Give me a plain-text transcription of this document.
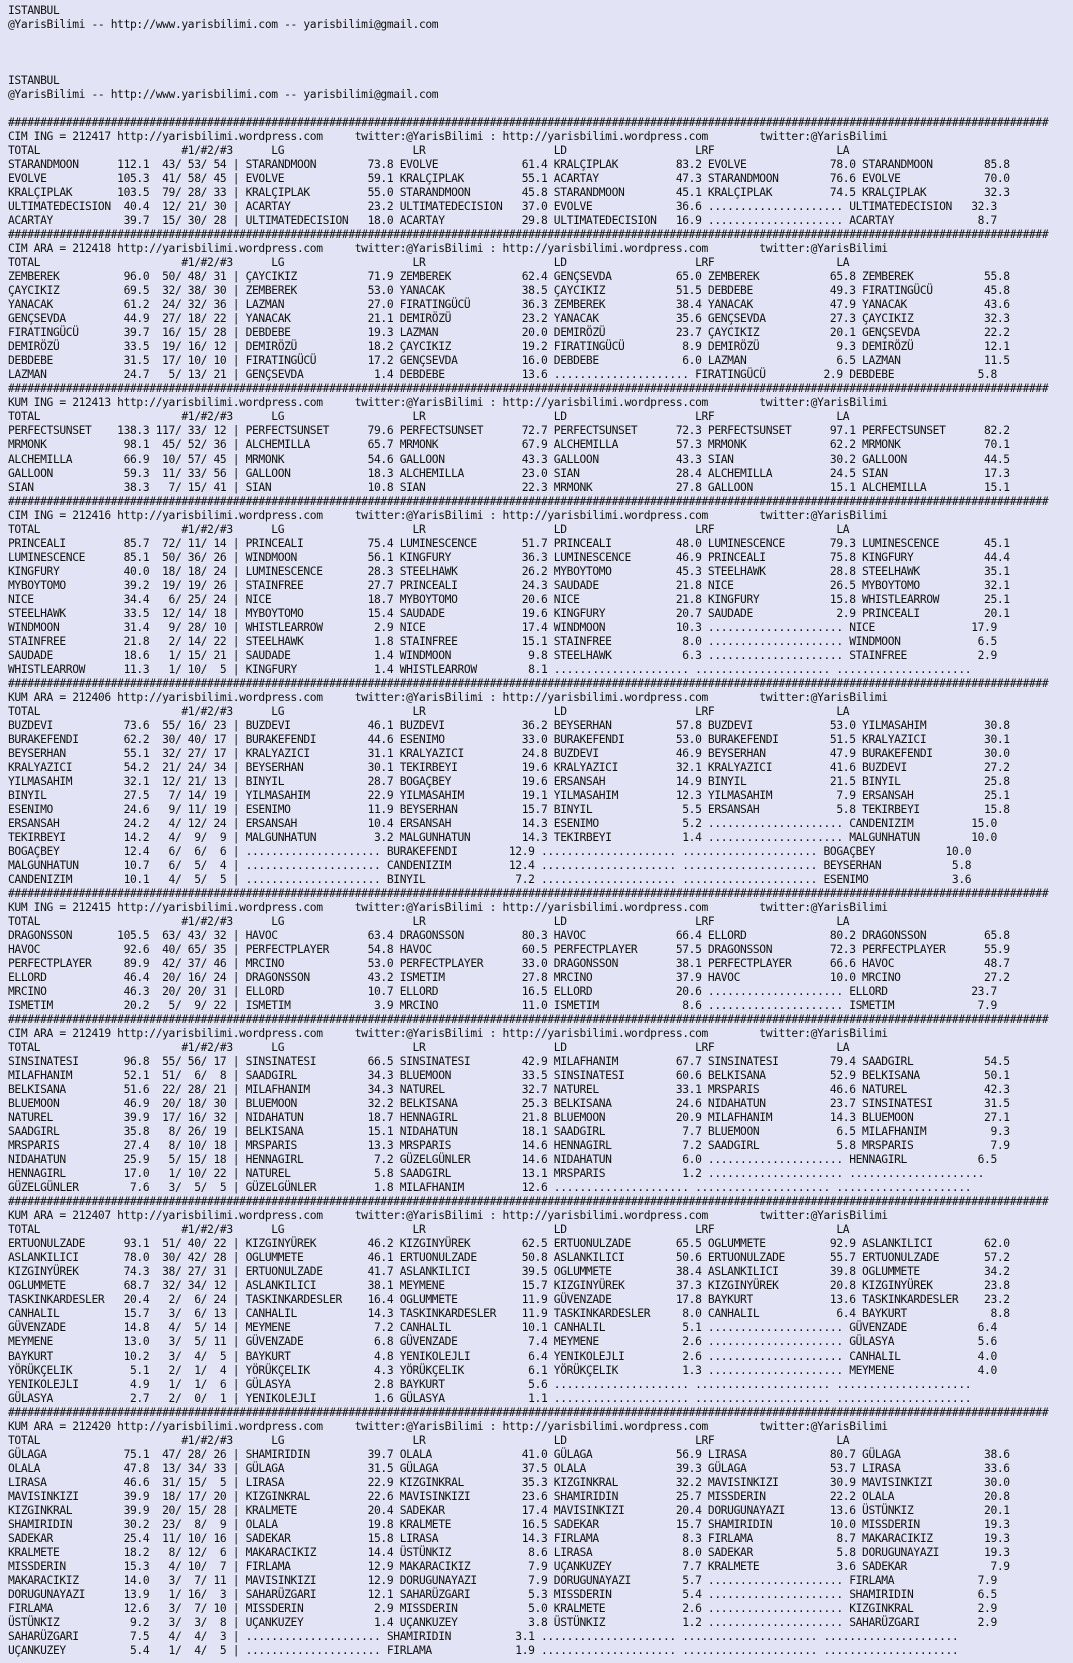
ISTANBUL
@YarisBilimi -- http://www.yarisbilimi.com -- yarisbilimi@gmail.com
ISTANBUL
@YarisBilimi -- http://www.yarisbilimi.com -- yarisbilimi@gmail.com
##################################################################################################################################################################
CIM ING = 212417 http://yarisbilimi.wordpress.com     twitter:@YarisBilimi : http://yarisbilimi.wordpress.com        twitter:@YarisBilimi
TOTAL                      #1/#2/#3      LG                    LR                    LD                    LRF                   LA
STARANDMOON      112.1  43/ 53/ 54 | STARANDMOON        73.8 EVOLVE             61.4 KRALÇIPLAK         83.2 EVOLVE             78.0 STARANDMOON        85.8
EVOLVE           105.3  41/ 58/ 45 | EVOLVE             59.1 KRALÇIPLAK         55.1 ACARTAY            47.3 STARANDMOON        76.6 EVOLVE             70.0
KRALÇIPLAK       103.5  79/ 28/ 33 | KRALÇIPLAK         55.0 STARANDMOON        45.8 STARANDMOON        45.1 KRALÇIPLAK         74.5 KRALÇIPLAK         32.3
ULTIMATEDECISION  40.4  12/ 21/ 30 | ACARTAY            23.2 ULTIMATEDECISION   37.0 EVOLVE             36.6 ..................... ULTIMATEDECISION   32.3
ACARTAY           39.7  15/ 30/ 28 | ULTIMATEDECISION   18.0 ACARTAY            29.8 ULTIMATEDECISION   16.9 ..................... ACARTAY             8.7
##################################################################################################################################################################
CIM ARA = 212418 http://yarisbilimi.wordpress.com     twitter:@YarisBilimi : http://yarisbilimi.wordpress.com        twitter:@YarisBilimi
TOTAL                      #1/#2/#3      LG                    LR                    LD                    LRF                   LA
ZEMBEREK          96.0  50/ 48/ 31 | ÇAYCIKIZ           71.9 ZEMBEREK           62.4 GENÇSEVDA          65.0 ZEMBEREK           65.8 ZEMBEREK           55.8
ÇAYCIKIZ          69.5  32/ 38/ 30 | ZEMBEREK           53.0 YANACAK            38.5 ÇAYCIKIZ           51.5 DEBDEBE            49.3 FIRATINGÜCÜ        45.8
YANACAK           61.2  24/ 32/ 36 | LAZMAN             27.0 FIRATINGÜCÜ        36.3 ZEMBEREK           38.4 YANACAK            47.9 YANACAK            43.6
GENÇSEVDA         44.9  27/ 18/ 22 | YANACAK            21.1 DEMIRÖZÜ           23.2 YANACAK            35.6 GENÇSEVDA          27.3 ÇAYCIKIZ           32.3
FIRATINGÜCÜ       39.7  16/ 15/ 28 | DEBDEBE            19.3 LAZMAN             20.0 DEMIRÖZÜ           23.7 ÇAYCIKIZ           20.1 GENÇSEVDA          22.2
DEMIRÖZÜ          33.5  19/ 16/ 12 | DEMIRÖZÜ           18.2 ÇAYCIKIZ           19.2 FIRATINGÜCÜ         8.9 DEMIRÖZÜ            9.3 DEMIRÖZÜ           12.1
DEBDEBE           31.5  17/ 10/ 10 | FIRATINGÜCÜ        17.2 GENÇSEVDA          16.0 DEBDEBE             6.0 LAZMAN              6.5 LAZMAN             11.5
LAZMAN            24.7   5/ 13/ 21 | GENÇSEVDA           1.4 DEBDEBE            13.6 ..................... FIRATINGÜCÜ         2.9 DEBDEBE             5.8
##################################################################################################################################################################
KUM ING = 212413 http://yarisbilimi.wordpress.com     twitter:@YarisBilimi : http://yarisbilimi.wordpress.com        twitter:@YarisBilimi
TOTAL                      #1/#2/#3      LG                    LR                    LD                    LRF                   LA
PERFECTSUNSET    138.3 117/ 33/ 12 | PERFECTSUNSET      79.6 PERFECTSUNSET      72.7 PERFECTSUNSET      72.3 PERFECTSUNSET      97.1 PERFECTSUNSET      82.2
MRMONK            98.1  45/ 52/ 36 | ALCHEMILLA         65.7 MRMONK             67.9 ALCHEMILLA         57.3 MRMONK             62.2 MRMONK             70.1
ALCHEMILLA        66.9  10/ 57/ 45 | MRMONK             54.6 GALLOON            43.3 GALLOON            43.3 SIAN               30.2 GALLOON            44.5
GALLOON           59.3  11/ 33/ 56 | GALLOON            18.3 ALCHEMILLA         23.0 SIAN               28.4 ALCHEMILLA         24.5 SIAN               17.3
SIAN              38.3   7/ 15/ 41 | SIAN               10.8 SIAN               22.3 MRMONK             27.8 GALLOON            15.1 ALCHEMILLA         15.1
##################################################################################################################################################################
CIM ING = 212416 http://yarisbilimi.wordpress.com     twitter:@YarisBilimi : http://yarisbilimi.wordpress.com        twitter:@YarisBilimi
TOTAL                      #1/#2/#3      LG                    LR                    LD                    LRF                   LA
PRINCEALI         85.7  72/ 11/ 14 | PRINCEALI          75.4 LUMINESCENCE       51.7 PRINCEALI          48.0 LUMINESCENCE       79.3 LUMINESCENCE       45.1
LUMINESCENCE      85.1  50/ 36/ 26 | WINDMOON           56.1 KINGFURY           36.3 LUMINESCENCE       46.9 PRINCEALI          75.8 KINGFURY           44.4
KINGFURY          40.0  18/ 18/ 24 | LUMINESCENCE       28.3 STEELHAWK          26.2 MYBOYTOMO          45.3 STEELHAWK          28.8 STEELHAWK          35.1
MYBOYTOMO         39.2  19/ 19/ 26 | STAINFREE          27.7 PRINCEALI          24.3 SAUDADE            21.8 NICE               26.5 MYBOYTOMO          32.1
NICE              34.4   6/ 25/ 24 | NICE               18.7 MYBOYTOMO          20.6 NICE               21.8 KINGFURY           15.8 WHISTLEARROW       25.1
STEELHAWK         33.5  12/ 14/ 18 | MYBOYTOMO          15.4 SAUDADE            19.6 KINGFURY           20.7 SAUDADE             2.9 PRINCEALI          20.1
WINDMOON          31.4   9/ 28/ 10 | WHISTLEARROW        2.9 NICE               17.4 WINDMOON           10.3 ..................... NICE               17.9
STAINFREE         21.8   2/ 14/ 22 | STEELHAWK           1.8 STAINFREE          15.1 STAINFREE           8.0 ..................... WINDMOON            6.5
SAUDADE           18.6   1/ 15/ 21 | SAUDADE             1.4 WINDMOON            9.8 STEELHAWK           6.3 ..................... STAINFREE           2.9
WHISTLEARROW      11.3   1/ 10/  5 | KINGFURY            1.4 WHISTLEARROW        8.1 ..................... ..................... .....................
##################################################################################################################################################################
KUM ARA = 212406 http://yarisbilimi.wordpress.com     twitter:@YarisBilimi : http://yarisbilimi.wordpress.com        twitter:@YarisBilimi
TOTAL                      #1/#2/#3      LG                    LR                    LD                    LRF                   LA
BUZDEVI           73.6  55/ 16/ 23 | BUZDEVI            46.1 BUZDEVI            36.2 BEYSERHAN          57.8 BUZDEVI            53.0 YILMASAHIM         30.8
BURAKEFENDI       62.2  30/ 40/ 17 | BURAKEFENDI        44.6 ESENIMO            33.0 BURAKEFENDI        53.0 BURAKEFENDI        51.5 KRALYAZICI         30.1
BEYSERHAN         55.1  32/ 27/ 17 | KRALYAZICI         31.1 KRALYAZICI         24.8 BUZDEVI            46.9 BEYSERHAN          47.9 BURAKEFENDI        30.0
KRALYAZICI        54.2  21/ 24/ 34 | BEYSERHAN          30.1 TEKIRBEYI          19.6 KRALYAZICI         32.1 KRALYAZICI         41.6 BUZDEVI            27.2
YILMASAHIM        32.1  12/ 21/ 13 | BINYIL             28.7 BOGAÇBEY           19.6 ERSANSAH           14.9 BINYIL             21.5 BINYIL             25.8
BINYIL            27.5   7/ 14/ 19 | YILMASAHIM         22.9 YILMASAHIM         19.1 YILMASAHIM         12.3 YILMASAHIM          7.9 ERSANSAH           25.1
ESENIMO           24.6   9/ 11/ 19 | ESENIMO            11.9 BEYSERHAN          15.7 BINYIL              5.5 ERSANSAH            5.8 TEKIRBEYI          15.8
ERSANSAH          24.2   4/ 12/ 24 | ERSANSAH           10.4 ERSANSAH           14.3 ESENIMO             5.2 ..................... CANDENIZIM         15.0
TEKIRBEYI         14.2   4/  9/  9 | MALGUNHATUN         3.2 MALGUNHATUN        14.3 TEKIRBEYI           1.4 ..................... MALGUNHATUN        10.0
BOGAÇBEY          12.4   6/  6/  6 | ..................... BURAKEFENDI        12.9 ..................... ..................... BOGAÇBEY           10.0
MALGUNHATUN       10.7   6/  5/  4 | ..................... CANDENIZIM         12.4 ..................... ..................... BEYSERHAN           5.8
CANDENIZIM        10.1   4/  5/  5 | ..................... BINYIL              7.2 ..................... ..................... ESENIMO             3.6
##################################################################################################################################################################
KUM ING = 212415 http://yarisbilimi.wordpress.com     twitter:@YarisBilimi : http://yarisbilimi.wordpress.com        twitter:@YarisBilimi
TOTAL                      #1/#2/#3      LG                    LR                    LD                    LRF                   LA
DRAGONSSON       105.5  63/ 43/ 32 | HAVOC              63.4 DRAGONSSON         80.3 HAVOC              66.4 ELLORD             80.2 DRAGONSSON         65.8
HAVOC             92.6  40/ 65/ 35 | PERFECTPLAYER      54.8 HAVOC              60.5 PERFECTPLAYER      57.5 DRAGONSSON         72.3 PERFECTPLAYER      55.9
PERFECTPLAYER     89.9  42/ 37/ 46 | MRCINO             53.0 PERFECTPLAYER      33.0 DRAGONSSON         38.1 PERFECTPLAYER      66.6 HAVOC              48.7
ELLORD            46.4  20/ 16/ 24 | DRAGONSSON         43.2 ISMETIM            27.8 MRCINO             37.9 HAVOC              10.0 MRCINO             27.2
MRCINO            46.3  20/ 20/ 31 | ELLORD             10.7 ELLORD             16.5 ELLORD             20.6 ..................... ELLORD             23.7
ISMETIM           20.2   5/  9/ 22 | ISMETIM             3.9 MRCINO             11.0 ISMETIM             8.6 ..................... ISMETIM             7.9
##################################################################################################################################################################
CIM ARA = 212419 http://yarisbilimi.wordpress.com     twitter:@YarisBilimi : http://yarisbilimi.wordpress.com        twitter:@YarisBilimi
TOTAL                      #1/#2/#3      LG                    LR                    LD                    LRF                   LA
SINSINATESI       96.8  55/ 56/ 17 | SINSINATESI        66.5 SINSINATESI        42.9 MILAFHANIM         67.7 SINSINATESI        79.4 SAADGIRL           54.5
MILAFHANIM        52.1  51/  6/  8 | SAADGIRL           34.3 BLUEMOON           33.5 SINSINATESI        60.6 BELKISANA          52.9 BELKISANA          50.1
BELKISANA         51.6  22/ 28/ 21 | MILAFHANIM         34.3 NATUREL            32.7 NATUREL            33.1 MRSPARIS           46.6 NATUREL            42.3
BLUEMOON          46.9  20/ 18/ 30 | BLUEMOON           32.2 BELKISANA          25.3 BELKISANA          24.6 NIDAHATUN          23.7 SINSINATESI        31.5
NATUREL           39.9  17/ 16/ 32 | NIDAHATUN          18.7 HENNAGIRL          21.8 BLUEMOON           20.9 MILAFHANIM         14.3 BLUEMOON           27.1
SAADGIRL          35.8   8/ 26/ 19 | BELKISANA          15.1 NIDAHATUN          18.1 SAADGIRL            7.7 BLUEMOON            6.5 MILAFHANIM          9.3
MRSPARIS          27.4   8/ 10/ 18 | MRSPARIS           13.3 MRSPARIS           14.6 HENNAGIRL           7.2 SAADGIRL            5.8 MRSPARIS            7.9
NIDAHATUN         25.9   5/ 15/ 18 | HENNAGIRL           7.2 GÜZELGÜNLER        14.6 NIDAHATUN           6.0 ..................... HENNAGIRL           6.5
HENNAGIRL         17.0   1/ 10/ 22 | NATUREL             5.8 SAADGIRL           13.1 MRSPARIS            1.2 ..................... .....................
GÜZELGÜNLER        7.6   3/  5/  5 | GÜZELGÜNLER         1.8 MILAFHANIM         12.6 ..................... ..................... .....................
##################################################################################################################################################################
KUM ARA = 212407 http://yarisbilimi.wordpress.com     twitter:@YarisBilimi : http://yarisbilimi.wordpress.com        twitter:@YarisBilimi
TOTAL                      #1/#2/#3      LG                    LR                    LD                    LRF                   LA
ERTUONULZADE      93.1  51/ 40/ 22 | KIZGINYÜREK        46.2 KIZGINYÜREK        62.5 ERTUONULZADE       65.5 OGLUMMETE          92.9 ASLANKILICI        62.0
ASLANKILICI       78.0  30/ 42/ 28 | OGLUMMETE          46.1 ERTUONULZADE       50.8 ASLANKILICI        50.6 ERTUONULZADE       55.7 ERTUONULZADE       57.2
KIZGINYÜREK       74.3  38/ 27/ 31 | ERTUONULZADE       41.7 ASLANKILICI        39.5 OGLUMMETE          38.4 ASLANKILICI        39.8 OGLUMMETE          34.2
OGLUMMETE         68.7  32/ 34/ 12 | ASLANKILICI        38.1 MEYMENE            15.7 KIZGINYÜREK        37.3 KIZGINYÜREK        20.8 KIZGINYÜREK        23.8
TASKINKARDESLER   20.4   2/  6/ 24 | TASKINKARDESLER    16.4 OGLUMMETE          11.9 GÜVENZADE          17.8 BAYKURT            13.6 TASKINKARDESLER    23.2
CANHALIL          15.7   3/  6/ 13 | CANHALIL           14.3 TASKINKARDESLER    11.9 TASKINKARDESLER     8.0 CANHALIL            6.4 BAYKURT             8.8
GÜVENZADE         14.8   4/  5/ 14 | MEYMENE             7.2 CANHALIL           10.1 CANHALIL            5.1 ..................... GÜVENZADE           6.4
MEYMENE           13.0   3/  5/ 11 | GÜVENZADE           6.8 GÜVENZADE           7.4 MEYMENE             2.6 ..................... GÜLASYA             5.6
BAYKURT           10.2   3/  4/  5 | BAYKURT             4.8 YENIKOLEJLI         6.4 YENIKOLEJLI         2.6 ..................... CANHALIL            4.0
YÖRÜKÇELIK         5.1   2/  1/  4 | YÖRÜKÇELIK          4.3 YÖRÜKÇELIK          6.1 YÖRÜKÇELIK          1.3 ..................... MEYMENE             4.0
YENIKOLEJLI        4.9   1/  1/  6 | GÜLASYA             2.8 BAYKURT             5.6 ..................... ..................... .....................
GÜLASYA            2.7   2/  0/  1 | YENIKOLEJLI         1.6 GÜLASYA             1.1 ..................... ..................... .....................
##################################################################################################################################################################
KUM ARA = 212420 http://yarisbilimi.wordpress.com     twitter:@YarisBilimi : http://yarisbilimi.wordpress.com        twitter:@YarisBilimi
TOTAL                      #1/#2/#3      LG                    LR                    LD                    LRF                   LA
GÜLAGA            75.1  47/ 28/ 26 | SHAMIRIDIN         39.7 OLALA              41.0 GÜLAGA             56.9 LIRASA             80.7 GÜLAGA             38.6
OLALA             47.8  13/ 34/ 33 | GÜLAGA             31.5 GÜLAGA             37.5 OLALA              39.3 GÜLAGA             53.7 LIRASA             33.6
LIRASA            46.6  31/ 15/  5 | LIRASA             22.9 KIZGINKRAL         35.3 KIZGINKRAL         32.2 MAVISINKIZI        30.9 MAVISINKIZI        30.0
MAVISINKIZI       39.9  18/ 17/ 20 | KIZGINKRAL         22.6 MAVISINKIZI        23.6 SHAMIRIDIN         25.7 MISSDERIN          22.2 OLALA              20.8
KIZGINKRAL        39.9  20/ 15/ 28 | KRALMETE           20.4 SADEKAR            17.4 MAVISINKIZI        20.4 DORUGUNAYAZI       13.6 ÜSTÜNKIZ           20.1
SHAMIRIDIN        30.2  23/  8/  9 | OLALA              19.8 KRALMETE           16.5 SADEKAR            15.7 SHAMIRIDIN         10.0 MISSDERIN          19.3
SADEKAR           25.4  11/ 10/ 16 | SADEKAR            15.8 LIRASA             14.3 FIRLAMA             8.3 FIRLAMA             8.7 MAKARACIKIZ        19.3
KRALMETE          18.2   8/ 12/  6 | MAKARACIKIZ        14.4 ÜSTÜNKIZ            8.6 LIRASA              8.0 SADEKAR             5.8 DORUGUNAYAZI       19.3
MISSDERIN         15.3   4/ 10/  7 | FIRLAMA            12.9 MAKARACIKIZ         7.9 UÇANKUZEY           7.7 KRALMETE            3.6 SADEKAR             7.9
MAKARACIKIZ       14.0   3/  7/ 11 | MAVISINKIZI        12.9 DORUGUNAYAZI        7.9 DORUGUNAYAZI        5.7 ..................... FIRLAMA             7.9
DORUGUNAYAZI      13.9   1/ 16/  3 | SAHARÜZGARI        12.1 SAHARÜZGARI         5.3 MISSDERIN           5.4 ..................... SHAMIRIDIN          6.5
FIRLAMA           12.6   3/  7/ 10 | MISSDERIN           2.9 MISSDERIN           5.0 KRALMETE            2.6 ..................... KIZGINKRAL          2.9
ÜSTÜNKIZ           9.2   3/  3/  8 | UÇANKUZEY           1.4 UÇANKUZEY           3.8 ÜSTÜNKIZ            1.2 ..................... SAHARÜZGARI         2.9
SAHARÜZGARI        7.5   4/  4/  3 | ..................... SHAMIRIDIN          3.1 ..................... ..................... .....................
UÇANKUZEY          5.4   1/  4/  5 | ..................... FIRLAMA             1.9 ..................... ..................... .....................
